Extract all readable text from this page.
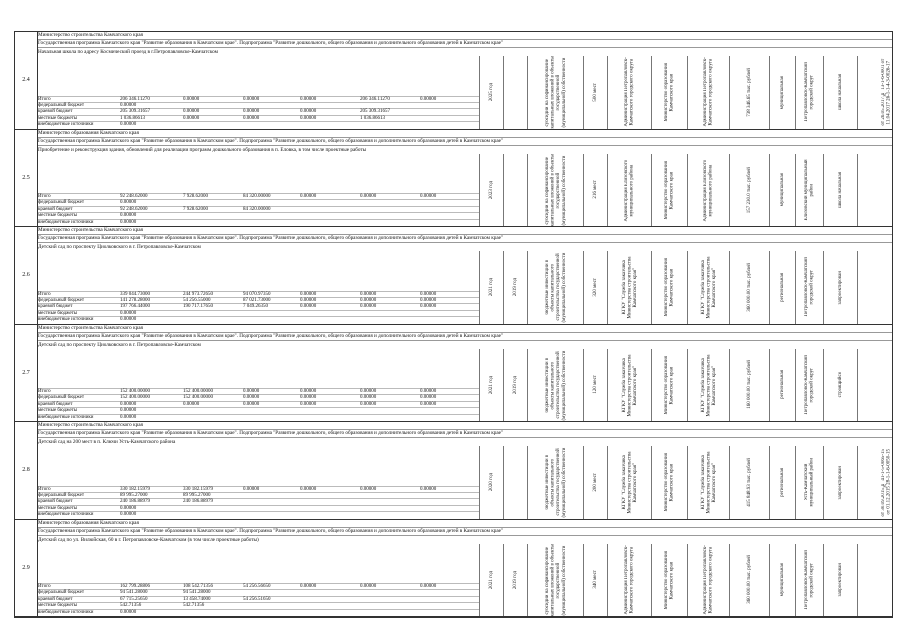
2.4
Министерство строительства Камчатского края
Государственная программа Камчатского края "Развитие образования в Камчатском крае". Подпрограмма "Развитие дошкольного, общего образования и дополнительного образования детей в Камчатском крае"
Начальная школа по адресу Космический проезд в г.Петропавловске-Камчатском
Итого	206 346.11270	0.00000	0.00000	0.00000	206 346.11270	0.00000
федеральный бюджет	0.00000
краевой бюджет	205 309.31657	0.00000	0.00000	0.00000	205 309.31657
местные бюджеты	1 036.86613	0.00000	0.00000	0.00000	1 036.86613
внебюджетные источники	0.00000
2025 год	субсидии на софинансирование капитальных вложений в объекты государственной (муниципальной) собственности	500 мест	Администрация Петропавловск-Камчатского городского округа	Министерство образования Камчатского края	Администрация Петропавловск-Камчатского городского округа	738 346.65 тыс. рублей	муниципальная	Петропавловск-Камчатский городской округ	школа начальная	от 26.05.2017 № 13-1-6-0001 от 11.04.2017 26-1-1-4-3-0026-17
2.5
Министерство образования Камчатского края
Государственная программа Камчатского края "Развитие образования в Камчатском крае". Подпрограмма "Развитие дошкольного, общего образования и дополнительного образования детей в Камчатском крае"
Приобретение и реконструкция здания, обновлений для реализации программ дошкольного образования в п. Еловка, в том числе проектные работы
Итого	92 248.62000	7 928.62000	84 320.00000	0.00000	0.00000	0.00000
федеральный бюджет	0.00000
краевой бюджет	92 248.62000	7 928.62000	84 320.00000
местные бюджеты	0.00000
внебюджетные источники	0.00000
2023 год	субсидии на софинансирование капитальных вложений в объекты государственной (муниципальной) собственности	216 мест	Администрация Елизовского муниципального района	Министерство образования Камчатского края	Администрация Елизовского муниципального района	157 230.0 тыс. рублей	муниципальная	Елизовский муниципальный район	школа начальная
2.6
Министерство строительства Камчатского края
Государственная программа Камчатского края "Развитие образования в Камчатском крае". Подпрограмма "Развитие дошкольного, общего образования и дополнительного образования детей в Камчатском крае"
Детский сад по проспекту Циолковского в г. Петропавловске-Камчатском
Итого	339 044.73000	244 973.72650	94 070.97350	0.00000	0.00000	0.00000
федеральный бюджет	141 278.28000	54 256.55000	87 021.73000	0.00000	0.00000	0.00000
краевой бюджет	197 766.44000	190 717.17650	7 049.26350	0.00000	0.00000	0.00000
местные бюджеты	0.00000
внебюджетные источники	0.00000
2021 год	2019 год	бюджетные инвестиции в объекты капитального строительства государственной (муниципальной) собственности	320 мест	КГКУ "Служба заказчика Министерства строительства Камчатского края"	Министерство образования Камчатского края	КГКУ "Служба заказчика Министерства строительства Камчатского края"	360 000.00 тыс. рублей	региональная	Петропавловск-Камчатский городской округ	запроектирован
2.7
Министерство строительства Камчатского края
Государственная программа Камчатского края "Развитие образования в Камчатском крае". Подпрограмма "Развитие дошкольного, общего образования и дополнительного образования детей в Камчатском крае"
Детский сад по проспекту Циолковского в г. Петропавловске-Камчатском
Итого	152 400.00000	152 400.00000	0.00000	0.00000	0.00000	0.00000
федеральный бюджет	152 400.00000	152 400.00000	0.00000	0.00000	0.00000	0.00000
краевой бюджет	0.00000	0.00000	0.00000	0.00000	0.00000	0.00000
местные бюджеты	0.00000
внебюджетные источники	0.00000
2021 год	2019 год	бюджетные инвестиции в объекты капитального строительства государственной (муниципальной) собственности	120 мест	КГКУ "Служба заказчика Министерства строительства Камчатского края"	Министерство образования Камчатского края	КГКУ "Служба заказчика Министерства строительства Камчатского края"	160 000.00 тыс. рублей	региональная	Петропавловск-Камчатский городской округ	строящийся
2.8
Министерство строительства Камчатского края
Государственная программа Камчатского края "Развитие образования в Камчатском крае". Подпрограмма "Развитие дошкольного, общего образования и дополнительного образования детей в Камчатском крае"
Детский сад на 200 мест в п. Ключи Усть-Камчатского района
Итого	330 182.15979	330 182.15979	0.00000	0.00000	0.00000	0.00000
федеральный бюджет	89 995.27000	89 995.27000
краевой бюджет	240 186.88979	240 186.88979
местные бюджеты	0.00000
внебюджетные источники	0.00000
2020 год	бюджетные инвестиции в объекты капитального строительства государственной (муниципальной) собственности	200 мест	КГКУ "Служба заказчика Министерства строительства Камчатского края"	Министерство образования Камчатского края	КГКУ "Служба заказчика Министерства строительства Камчатского края"	415 848.93 тыс. рублей	региональная	Усть-Камчатский муниципальный район	запроектирован	от 30.09.2015 № 41-1-5-0065-15 от 01.12.2015 28-1-1-6-0050-15
2.9
Министерство образования Камчатского края
Государственная программа Камчатского края "Развитие образования в Камчатском крае". Подпрограмма "Развитие дошкольного, общего образования и дополнительного образования детей в Камчатском крае"
Детский сад по ул. Вилюйская, 60 в г. Петропавловске-Камчатском (в том числе проектные работы)
Итого	162 799.28806	108 542.71356	54 256.56650	0.00000	0.00000	0.00000
федеральный бюджет	94 541.28000	94 541.28000
краевой бюджет	67 715.25650	13 458.74000	54 256.51650
местные бюджеты	542.71356	542.71356
внебюджетные источники	0.00000
2021 год	2019 год	субсидии на софинансирование капитальных вложений в объекты государственной (муниципальной) собственности	340 мест	Администрация Петропавловск-Камчатского городского округа	Министерство образования Камчатского края	Администрация Петропавловск-Камчатского городского округа	360 000.00 тыс. рублей	муниципальная	Петропавловск-Камчатский городской округ	запроектирован
